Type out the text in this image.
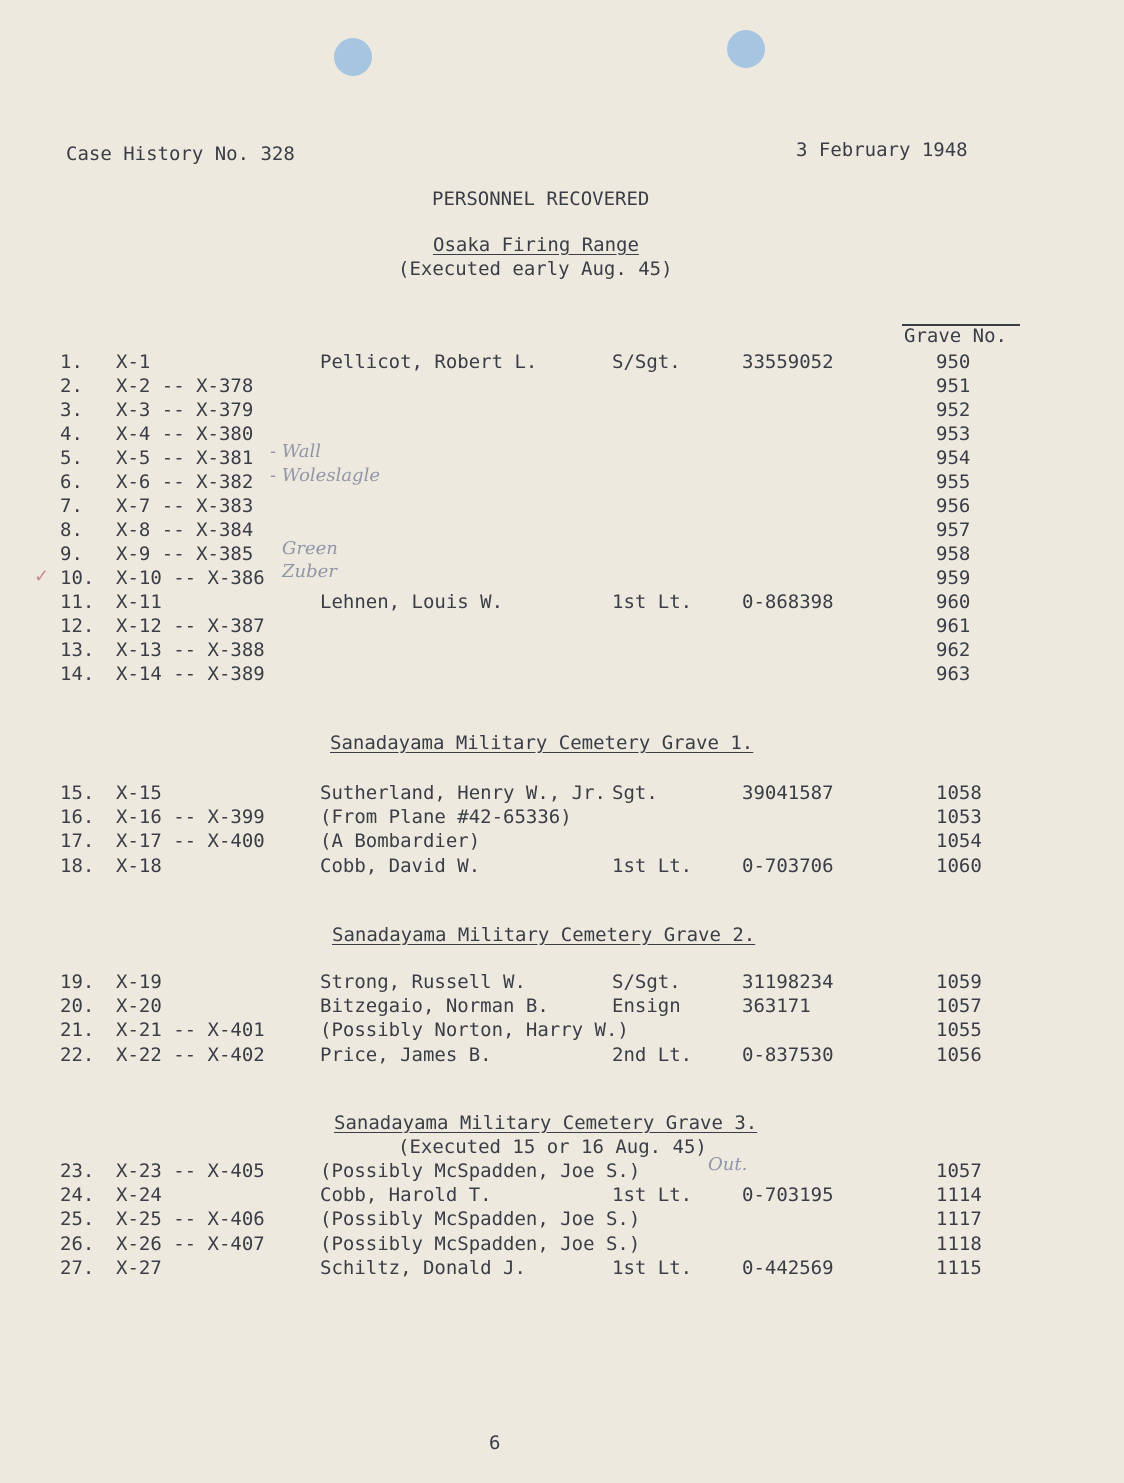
Case History No. 328	3 February 1948
PERSONNEL RECOVERED
Osaka Firing Range
(Executed early Aug. 45)
Grave No.
1.	X-1	Pellicot, Robert L.	S/Sgt.	33559052	950
2.	X-2 -- X-378	951
3.	X-3 -- X-379	952
4.	X-4 -- X-380	953
5.	X-5 -- X-381	954
6.	X-6 -- X-382	955
7.	X-7 -- X-383	956
8.	X-8 -- X-384	957
9.	X-9 -- X-385	958
10.	X-10 -- X-386	959
11.	X-11	Lehnen, Louis W.	1st Lt.	0-868398	960
12.	X-12 -- X-387	961
13.	X-13 -- X-388	962
14.	X-14 -- X-389	963
Sanadayama Military Cemetery Grave 1.
15.	X-15	Sutherland, Henry W., Jr. Sgt.	39041587	1058
16.	X-16 -- X-399	(From Plane #42-65336)	1053
17.	X-17 -- X-400	(A Bombardier)	1054
18.	X-18	Cobb, David W.	1st Lt.	0-703706	1060
Sanadayama Military Cemetery Grave 2.
19.	X-19	Strong, Russell W.	S/Sgt.	31198234	1059
20.	X-20	Bitzegaio, Norman B.	Ensign	363171	1057
21.	X-21 -- X-401	(Possibly Norton, Harry W.)	1055
22.	X-22 -- X-402	Price, James B.	2nd Lt.	0-837530	1056
Sanadayama Military Cemetery Grave 3.
(Executed 15 or 16 Aug. 45)
23.	X-23 -- X-405	(Possibly McSpadden, Joe S.)	1057
24.	X-24	Cobb, Harold T.	1st Lt.	0-703195	1114
25.	X-25 -- X-406	(Possibly McSpadden, Joe S.)	1117
26.	X-26 -- X-407	(Possibly McSpadden, Joe S.)	1118
27.	X-27	Schiltz, Donald J.	1st Lt.	0-442569	1115
- Wall
- Woleslagle
Green
Zuber
Out.
✓
6
